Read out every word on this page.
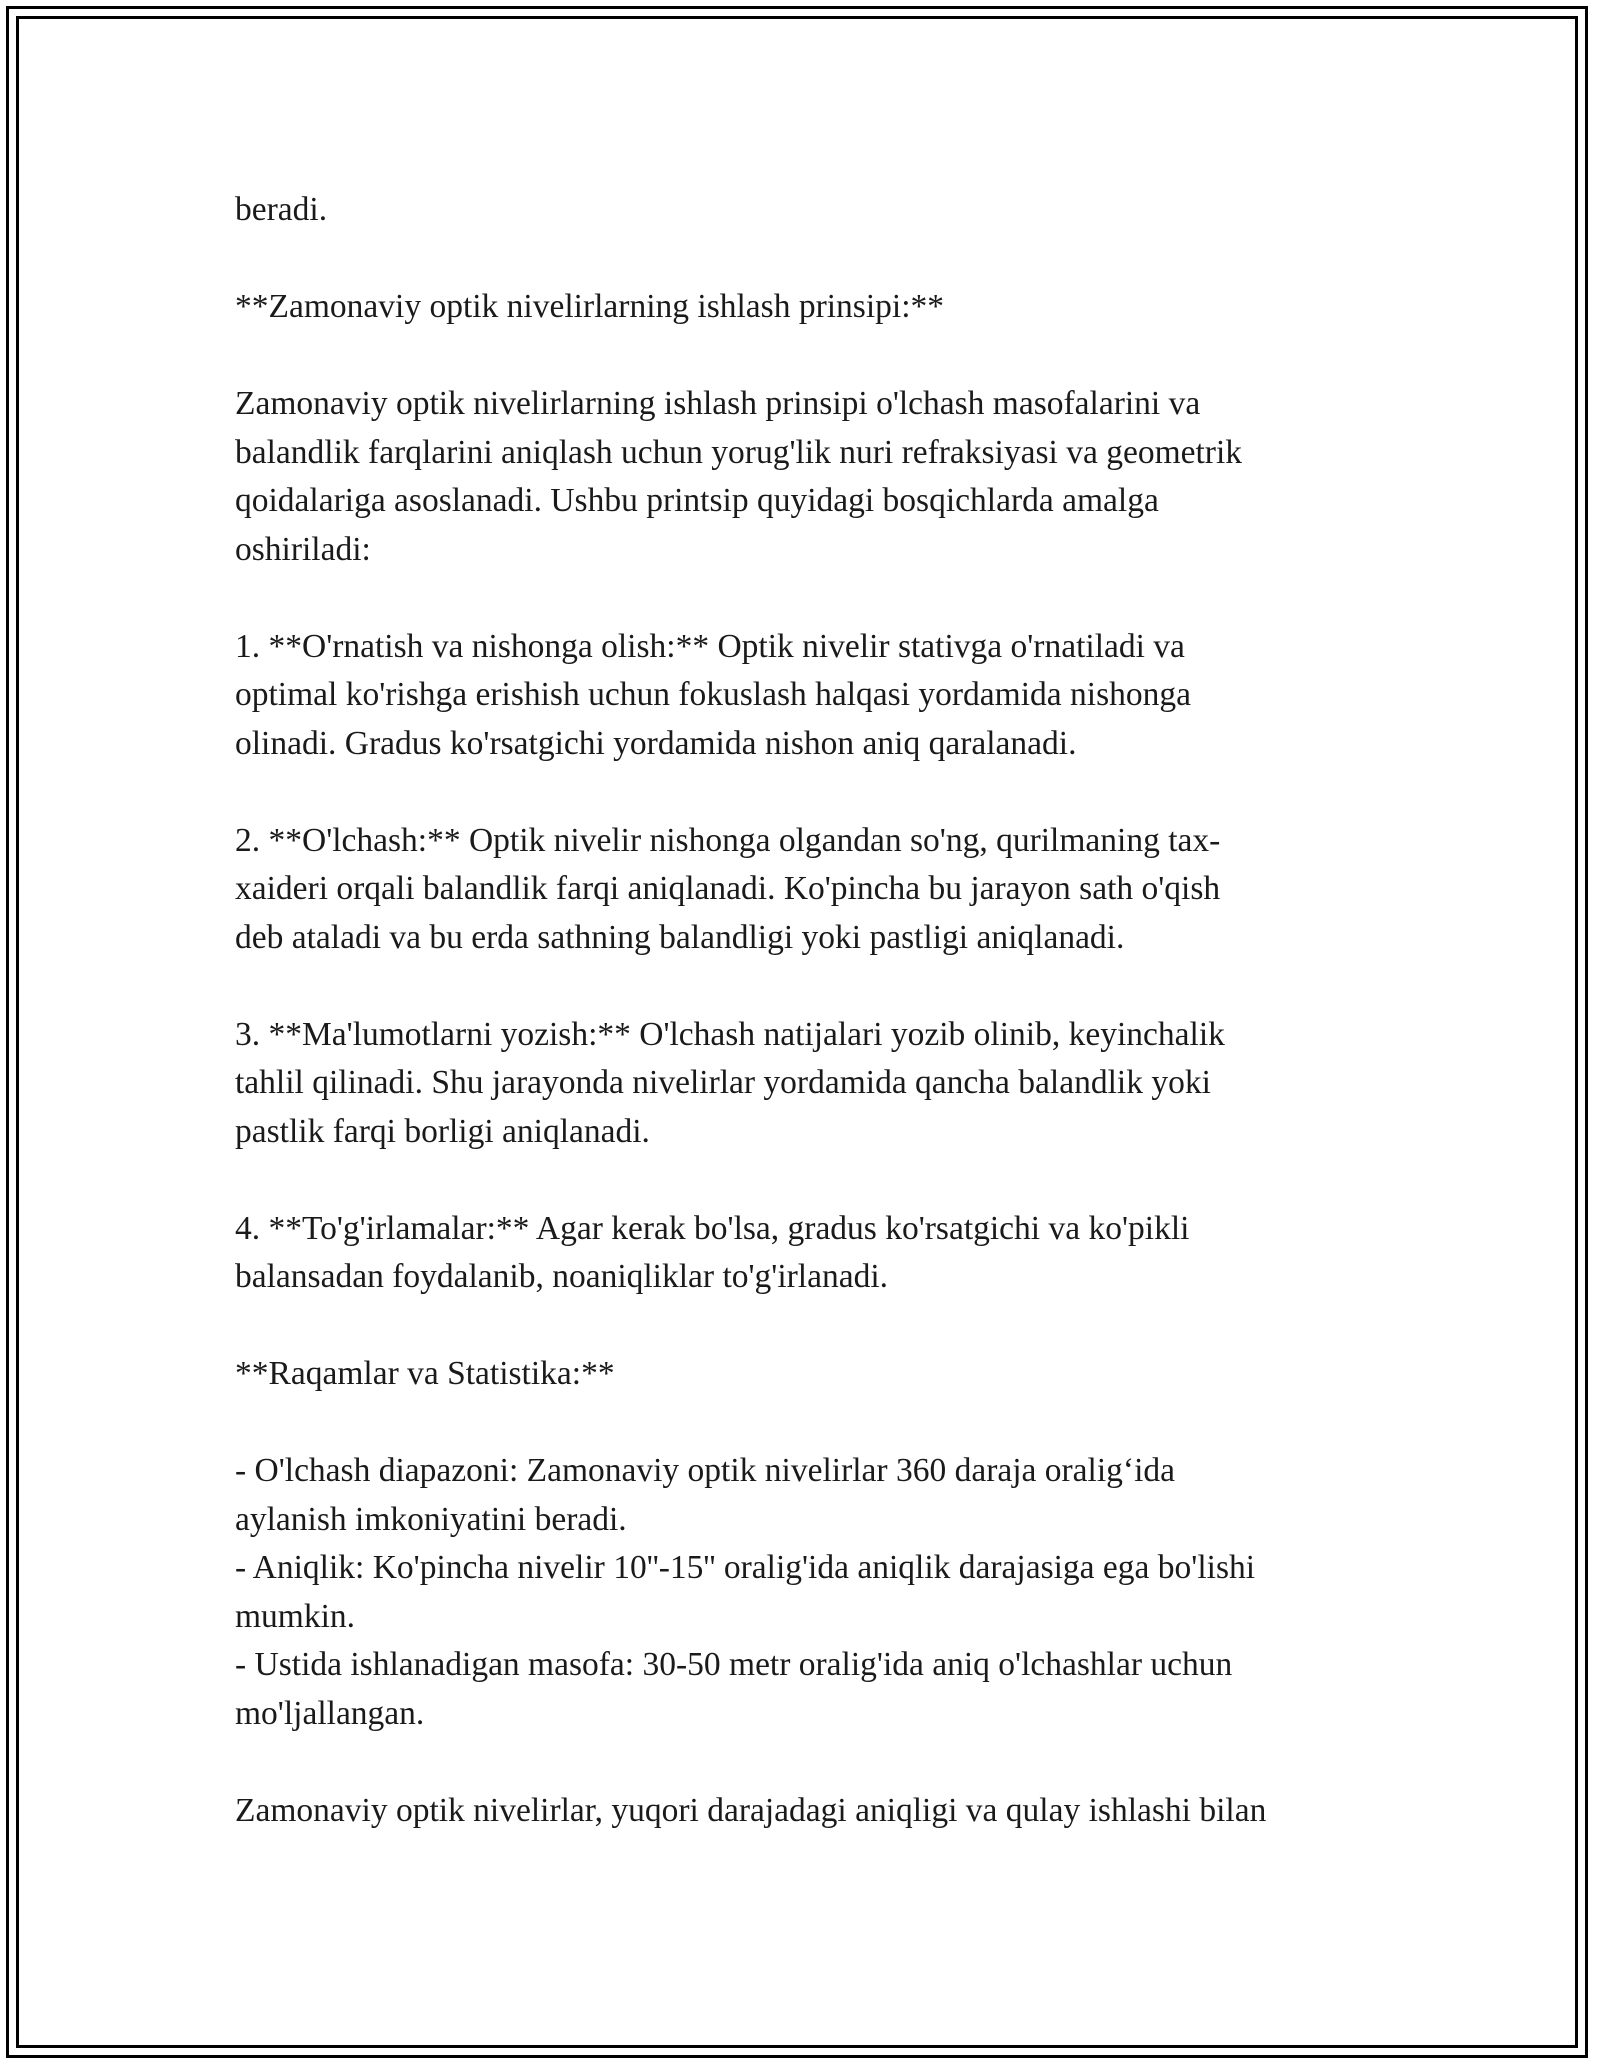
beradi.

**Zamonaviy optik nivelirlarning ishlash prinsipi:**

Zamonaviy optik nivelirlarning ishlash prinsipi o'lchash masofalarini va
balandlik farqlarini aniqlash uchun yorug'lik nuri refraksiyasi va geometrik
qoidalariga asoslanadi. Ushbu printsip quyidagi bosqichlarda amalga
oshiriladi:

1. **O'rnatish va nishonga olish:** Optik nivelir stativga o'rnatiladi va
optimal ko'rishga erishish uchun fokuslash halqasi yordamida nishonga
olinadi. Gradus ko'rsatgichi yordamida nishon aniq qaralanadi.

2. **O'lchash:** Optik nivelir nishonga olgandan so'ng, qurilmaning tax-
xaideri orqali balandlik farqi aniqlanadi. Ko'pincha bu jarayon sath o'qish
deb ataladi va bu erda sathning balandligi yoki pastligi aniqlanadi.

3. **Ma'lumotlarni yozish:** O'lchash natijalari yozib olinib, keyinchalik
tahlil qilinadi. Shu jarayonda nivelirlar yordamida qancha balandlik yoki
pastlik farqi borligi aniqlanadi.

4. **To'g'irlamalar:** Agar kerak bo'lsa, gradus ko'rsatgichi va ko'pikli
balansadan foydalanib, noaniqliklar to'g'irlanadi.

**Raqamlar va Statistika:**

- O'lchash diapazoni: Zamonaviy optik nivelirlar 360 daraja oralig‘ida
aylanish imkoniyatini beradi.

- Aniqlik: Ko'pincha nivelir 10''-15'' oralig'ida aniqlik darajasiga ega bo'lishi
mumkin.

- Ustida ishlanadigan masofa: 30-50 metr oralig'ida aniq o'lchashlar uchun
mo'ljallangan.

Zamonaviy optik nivelirlar, yuqori darajadagi aniqligi va qulay ishlashi bilan
